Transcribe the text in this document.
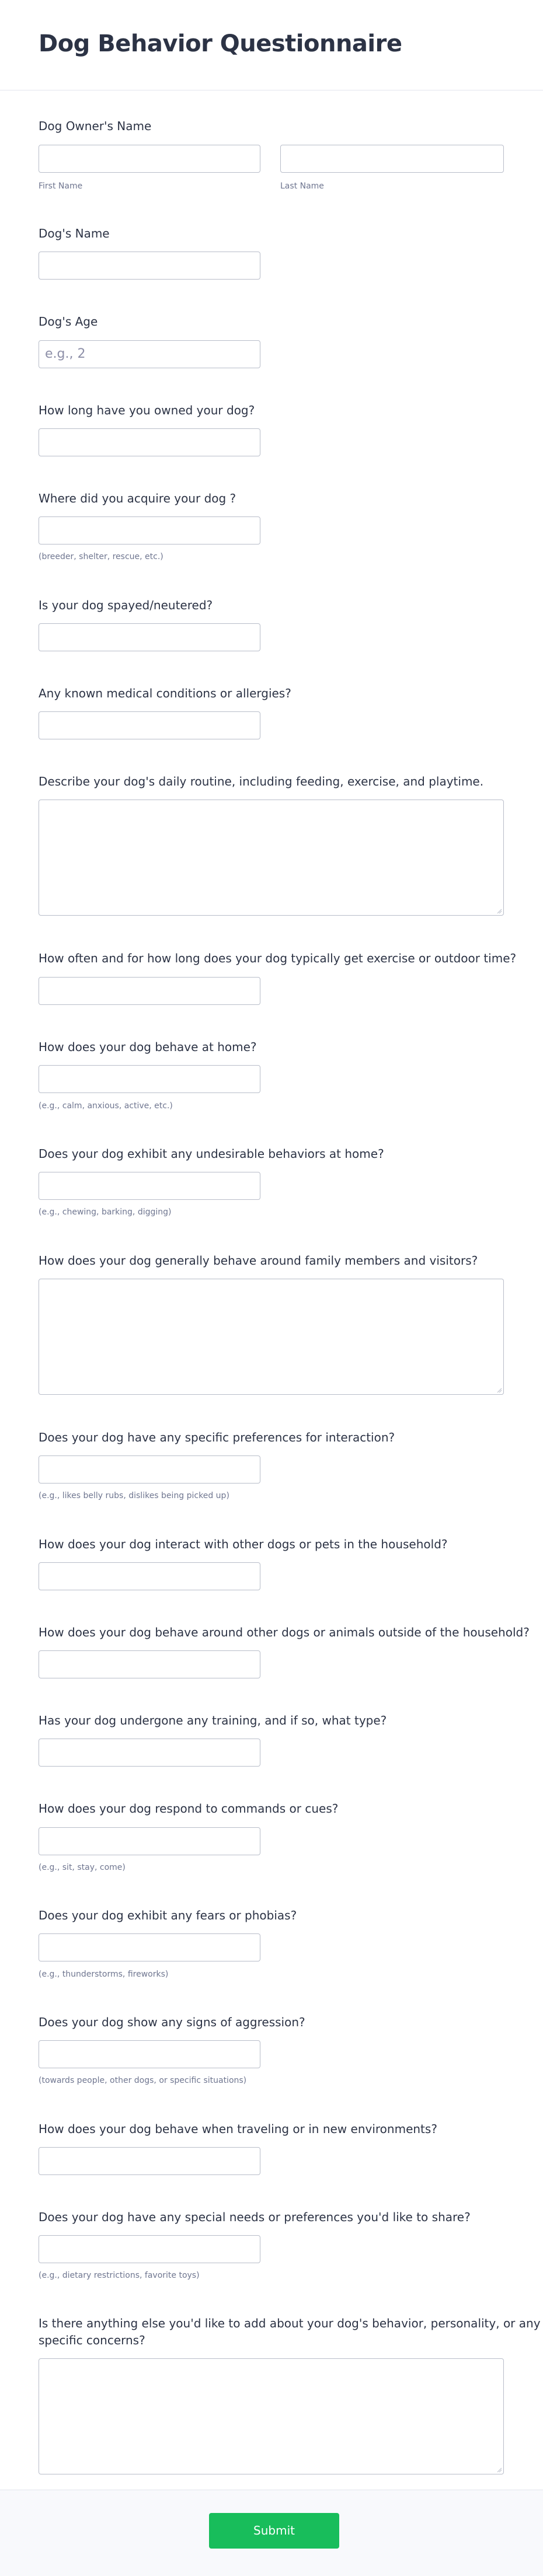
Dog Behavior Questionnaire
Dog Owner's Name
First Name	Last Name
Dog's Name
Dog's Age
e.g., 2
How long have you owned your dog?
Where did you acquire your dog ?
(breeder, shelter, rescue, etc.)
Is your dog spayed/neutered?
Any known medical conditions or allergies?
Describe your dog's daily routine, including feeding, exercise, and playtime.
How often and for how long does your dog typically get exercise or outdoor time?
How does your dog behave at home?
(e.g., calm, anxious, active, etc.)
Does your dog exhibit any undesirable behaviors at home?
(e.g., chewing, barking, digging)
How does your dog generally behave around family members and visitors?
Does your dog have any specific preferences for interaction?
(e.g., likes belly rubs, dislikes being picked up)
How does your dog interact with other dogs or pets in the household?
How does your dog behave around other dogs or animals outside of the household?
Has your dog undergone any training, and if so, what type?
How does your dog respond to commands or cues?
(e.g., sit, stay, come)
Does your dog exhibit any fears or phobias?
(e.g., thunderstorms, fireworks)
Does your dog show any signs of aggression?
(towards people, other dogs, or specific situations)
How does your dog behave when traveling or in new environments?
Does your dog have any special needs or preferences you'd like to share?
(e.g., dietary restrictions, favorite toys)
Is there anything else you'd like to add about your dog's behavior, personality, or any
specific concerns?
Submit
